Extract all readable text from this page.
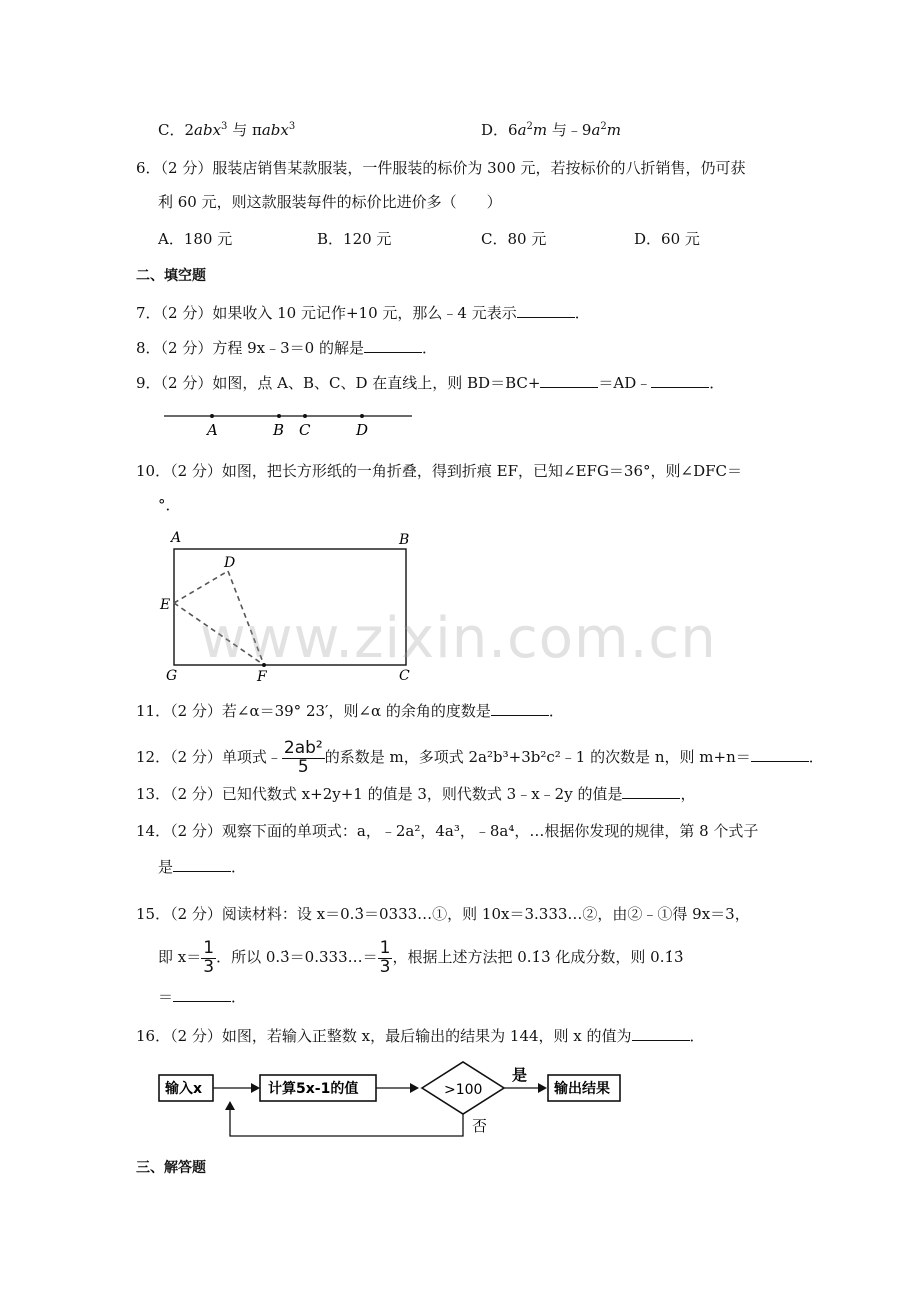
C．2abx$^3$ 与 πabx$^3$	D．$6a^2m$ 与$﹣9a^2m$
6．（2 分）服装店销售某款服装，一件服装的标价为 300 元，若按标价的八折销售，仍可获
利 60 元，则这款服装每件的标价比进价多（　　）
A．180 元	B．120 元	C．80 元	D．60 元
二、填空题
7．（2 分）如果收入 10 元记作+10 元，那么﹣4 元表示	．
8．（2 分）方程 9x﹣3＝0 的解是	．
9．（2 分）如图，点 A、B、C、D 在直线上，则 BD＝BC+	＝AD﹣	．
A	B C	D
10．（2 分）如图，把长方形纸的一角折叠，得到折痕 EF，已知∠EFG＝36°，则∠DFC＝
°．
A	B
C
D
E
F
G
www.zixin.com.cn
11．（2 分）若∠α＝39° 23′，则∠α 的余角的度数是	．
12．（2 分）单项式﹣ $\frac{\text{2ab²}}{5}$ 的系数是 m，多项式 2a²b³+3b²c²﹣1 的次数是 n，则 m+n＝	．
13．（2 分）已知代数式 x+2y+1 的值是 3，则代数式 3﹣x﹣2y 的值是	，
14．（2 分）观察下面的单项式：a，﹣2a²，4a³，﹣8a⁴，…根据你发现的规律，第 8 个式子
是	．
15．（2 分）阅读材料：设 x＝0.3̇＝0333…①，则 10x＝3.333…②，由②﹣①得 9x＝3，
即 $x= \frac{1}{3}$ ．所以 0.3̇＝0.333…＝ $\frac{1}{3}$ ，根据上述方法把 0.1̇3̇ 化成分数，则 0.1̇3̇
＝	．
16．（2 分）如图，若输入正整数 x，最后输出的结果为 144，则 x 的值为	．
输入x	计算5x-1的值	>100
是
输出结果
否
三、解答题
